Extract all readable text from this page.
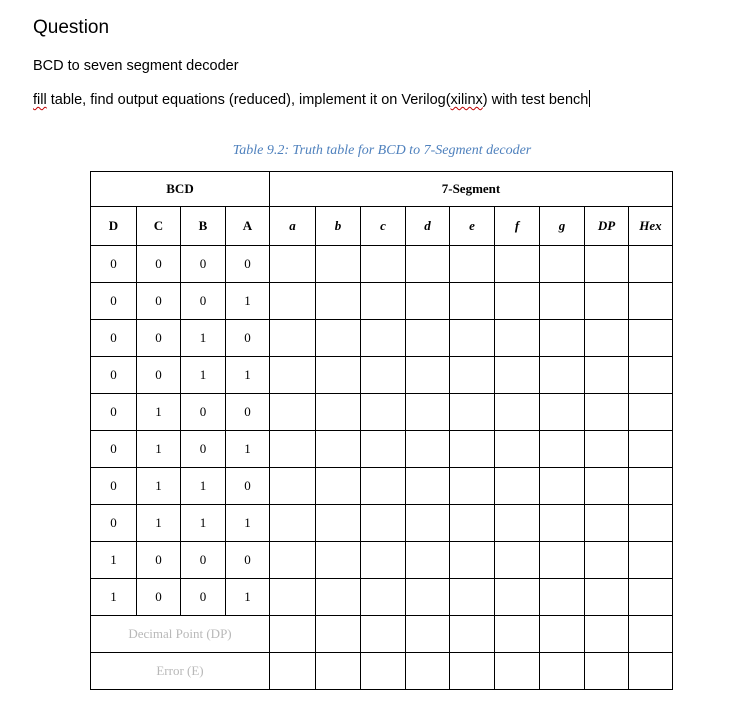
Question
BCD to seven segment decoder
fill table, find output equations (reduced), implement it on Verilog(xilinx) with test bench
Table 9.2: Truth table for BCD to 7-Segment decoder
BCD				7-Segment								
D	C	B	A	a	b	c	d	e	f	g	DP	Hex
0	0	0	0									
0	0	0	1									
0	0	1	0									
0	0	1	1									
0	1	0	0									
0	1	0	1									
0	1	1	0									
0	1	1	1									
1	0	0	0									
1	0	0	1									
Decimal Point (DP)												
Error (E)												
